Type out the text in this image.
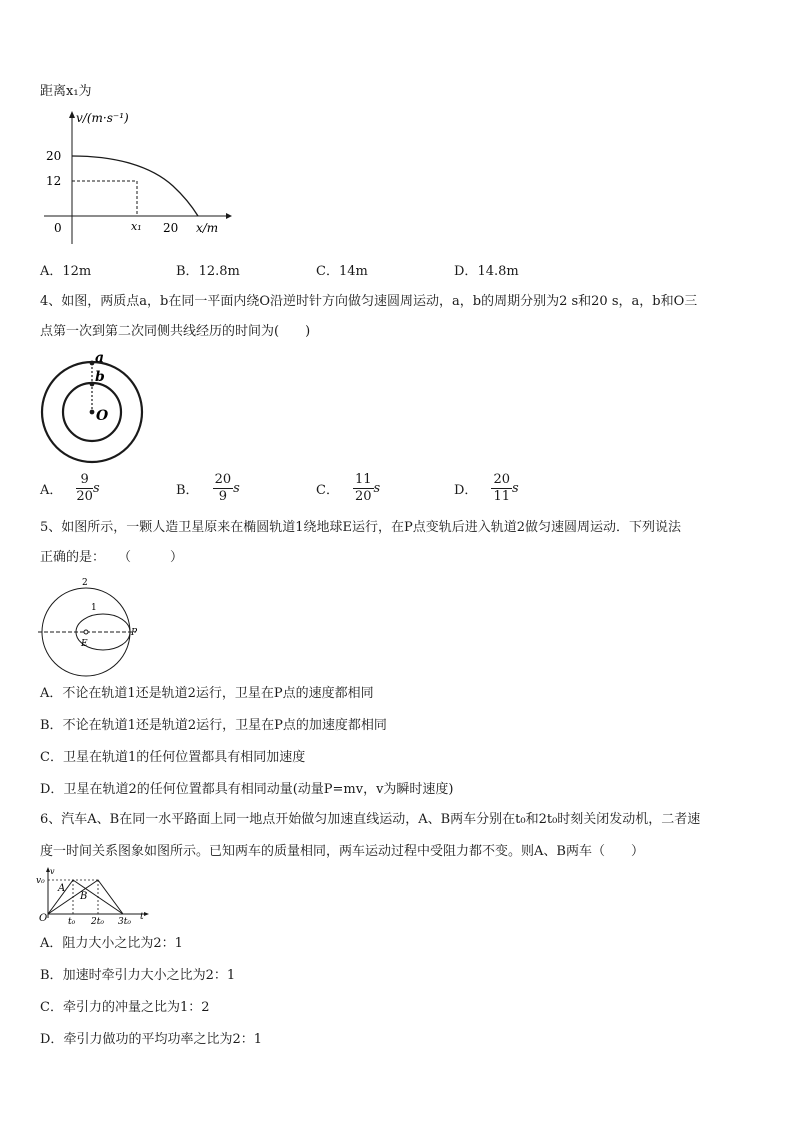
距离x₁为
v/(m·s⁻¹)
20
12
0	x₁ 20 x/m
A．12m	B．12.8m	C．14m	D．14.8m
4、如图，两质点a，b在同一平面内绕O沿逆时针方向做匀速圆周运动，a，b的周期分别为2 s和20 s，a，b和O三
点第一次到第二次同侧共线经历的时间为(　　)
a
b
O
A． $\frac{9}{20}$ s	B． $\frac{20}{9}$ s	C． $\frac{11}{20}$ s	D． $\frac{20}{11}$ s
5、如图所示，一颗人造卫星原来在椭圆轨道1绕地球E运行，在P点变轨后进入轨道2做匀速圆周运动．下列说法
正确的是：　　（　　　）
2
1
E
P
A．不论在轨道1还是轨道2运行，卫星在P点的速度都相同
B．不论在轨道1还是轨道2运行，卫星在P点的加速度都相同
C．卫星在轨道1的任何位置都具有相同加速度
D．卫星在轨道2的任何位置都具有相同动量(动量P=mv，v为瞬时速度)
6、汽车A、B在同一水平路面上同一地点开始做匀加速直线运动，A、B两车分别在t₀和2t₀时刻关闭发动机，二者速
度一时间关系图象如图所示。已知两车的质量相同，两车运动过程中受阻力都不变。则A、B两车（　　）
v
v₀
O
A
B
t₀ 2t₀ 3t₀ t
A．阻力大小之比为2：1
B．加速时牵引力大小之比为2：1
C．牵引力的冲量之比为1：2
D．牵引力做功的平均功率之比为2：1
